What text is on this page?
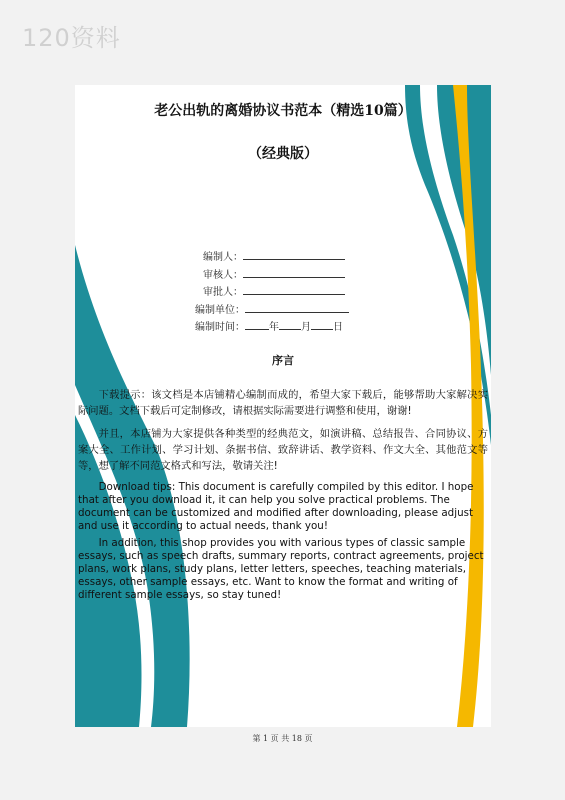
120资料
老公出轨的离婚协议书范本（精选10篇）
（经典版）
编制人：
审核人：
审批人：
编制单位：
编制时间： 年 月 日
序言

下载提示：该文档是本店铺精心编制而成的，希望大家下载后，能够帮助大家解决实际问题。文档下载后可定制修改，请根据实际需要进行调整和使用，谢谢!

并且，本店铺为大家提供各种类型的经典范文，如演讲稿、总结报告、合同协议、方案大全、工作计划、学习计划、条据书信、致辞讲话、教学资料、作文大全、其他范文等等，想了解不同范文格式和写法，敬请关注!

Download tips: This document is carefully compiled by this editor. I hope that after you download it, it can help you solve practical problems. The document can be customized and modified after downloading, please adjust and use it according to actual needs, thank you!

In addition, this shop provides you with various types of classic sample essays, such as speech drafts, summary reports, contract agreements, project plans, work plans, study plans, letter letters, speeches, teaching materials, essays, other sample essays, etc. Want to know the format and writing of different sample essays, so stay tuned!

第 1 页 共 18 页
